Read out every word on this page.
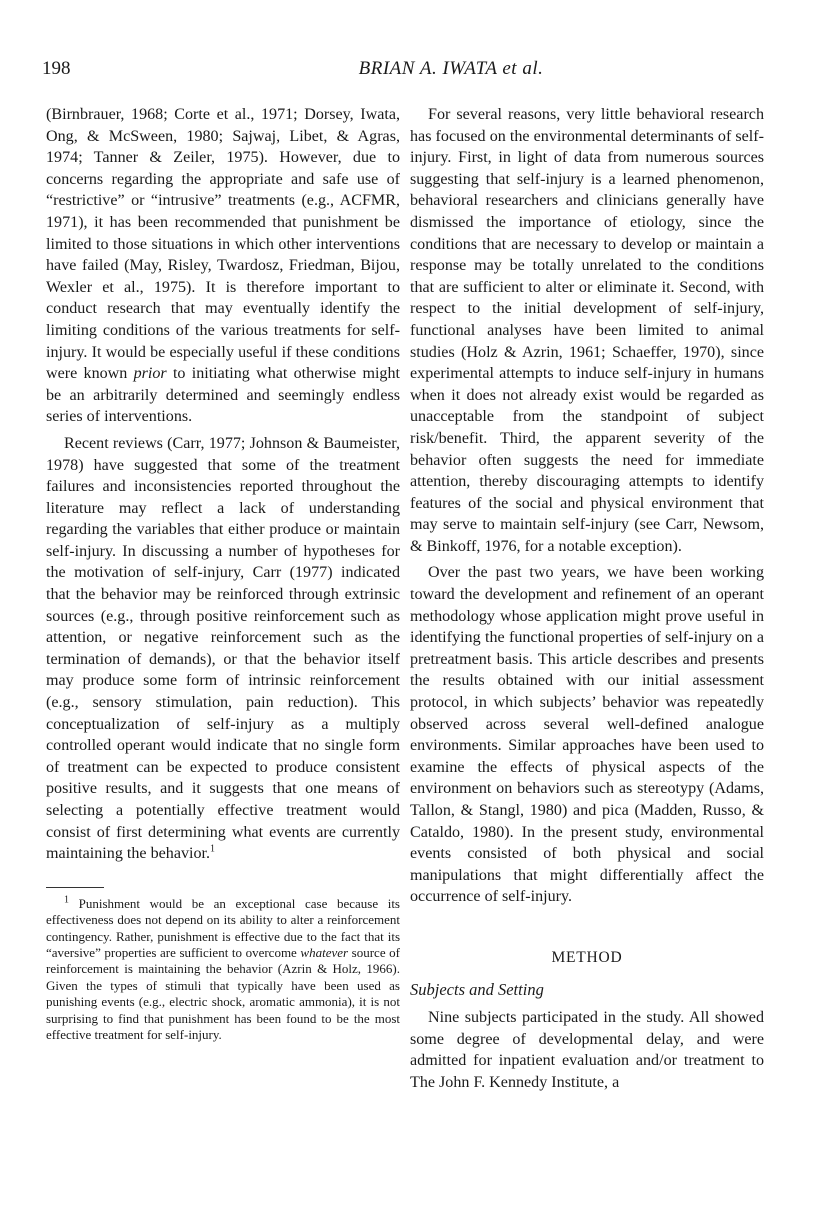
198	BRIAN A. IWATA et al.

(Birnbrauer, 1968; Corte et al., 1971; Dorsey, Iwata, Ong, & McSween, 1980; Sajwaj, Libet, & Agras, 1974; Tanner & Zeiler, 1975). However, due to concerns regarding the appropriate and safe use of “restrictive” or “intrusive” treatments (e.g., ACFMR, 1971), it has been recommended that punishment be limited to those situations in which other interventions have failed (May, Risley, Twardosz, Friedman, Bijou, Wexler et al., 1975). It is therefore important to conduct research that may eventually identify the limiting conditions of the various treatments for self-injury. It would be especially useful if these conditions were known prior to initiating what otherwise might be an arbitrarily determined and seemingly endless series of interventions.

Recent reviews (Carr, 1977; Johnson & Baumeister, 1978) have suggested that some of the treatment failures and inconsistencies reported throughout the literature may reflect a lack of understanding regarding the variables that either produce or maintain self-injury. In discussing a number of hypotheses for the motivation of self-injury, Carr (1977) indicated that the behavior may be reinforced through extrinsic sources (e.g., through positive reinforcement such as attention, or negative reinforcement such as the termination of demands), or that the behavior itself may produce some form of intrinsic reinforcement (e.g., sensory stimulation, pain reduction). This conceptualization of self-injury as a multiply controlled operant would indicate that no single form of treatment can be expected to produce consistent positive results, and it suggests that one means of selecting a potentially effective treatment would consist of first determining what events are currently maintaining the behavior.$^1$

$^1$ Punishment would be an exceptional case because its effectiveness does not depend on its ability to alter a reinforcement contingency. Rather, punishment is effective due to the fact that its “aversive” properties are sufficient to overcome whatever source of reinforcement is maintaining the behavior (Azrin & Holz, 1966). Given the types of stimuli that typically have been used as punishing events (e.g., electric shock, aromatic ammonia), it is not surprising to find that punishment has been found to be the most effective treatment for self-injury.

For several reasons, very little behavioral research has focused on the environmental determinants of self-injury. First, in light of data from numerous sources suggesting that self-injury is a learned phenomenon, behavioral researchers and clinicians generally have dismissed the importance of etiology, since the conditions that are necessary to develop or maintain a response may be totally unrelated to the conditions that are sufficient to alter or eliminate it. Second, with respect to the initial development of self-injury, functional analyses have been limited to animal studies (Holz & Azrin, 1961; Schaeffer, 1970), since experimental attempts to induce self-injury in humans when it does not already exist would be regarded as unacceptable from the standpoint of subject risk/benefit. Third, the apparent severity of the behavior often suggests the need for immediate attention, thereby discouraging attempts to identify features of the social and physical environment that may serve to maintain self-injury (see Carr, Newsom, & Binkoff, 1976, for a notable exception).

Over the past two years, we have been working toward the development and refinement of an operant methodology whose application might prove useful in identifying the functional properties of self-injury on a pretreatment basis. This article describes and presents the results obtained with our initial assessment protocol, in which subjects’ behavior was repeatedly observed across several well-defined analogue environments. Similar approaches have been used to examine the effects of physical aspects of the environment on behaviors such as stereotypy (Adams, Tallon, & Stangl, 1980) and pica (Madden, Russo, & Cataldo, 1980). In the present study, environmental events consisted of both physical and social manipulations that might differentially affect the occurrence of self-injury.

METHOD

Subjects and Setting

Nine subjects participated in the study. All showed some degree of developmental delay, and were admitted for inpatient evaluation and/or treatment to The John F. Kennedy Institute, a
